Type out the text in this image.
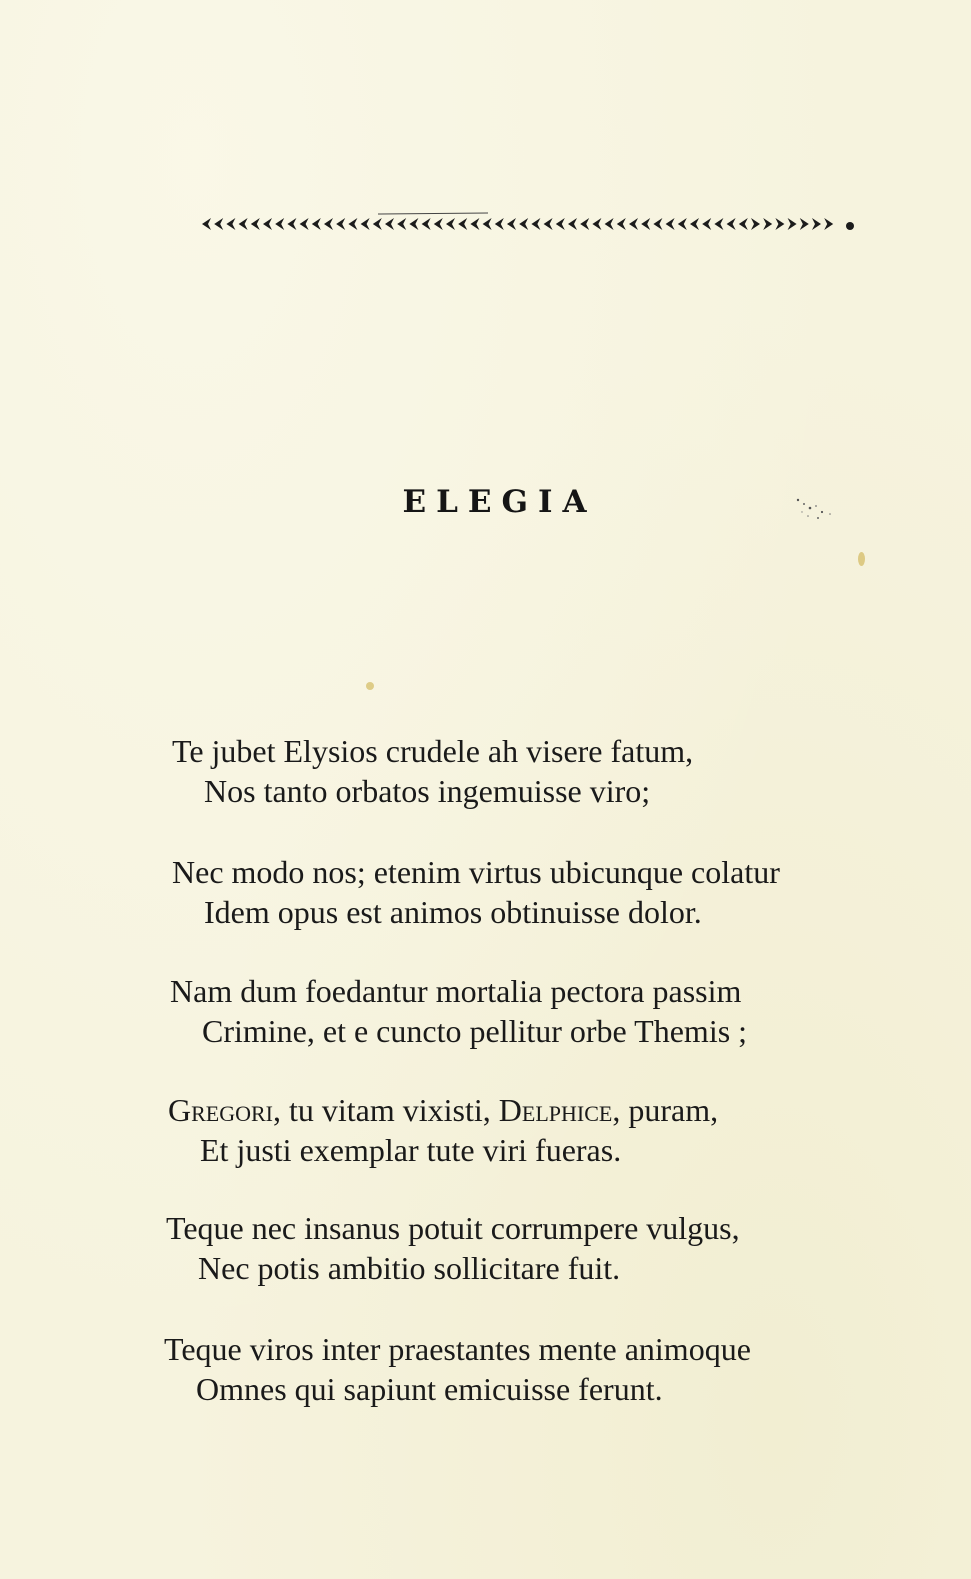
ELEGIA
Te jubet Elysios crudele ah visere fatum,
Nos tanto orbatos ingemuisse viro;
Nec modo nos; etenim virtus ubicunque colatur
Idem opus est animos obtinuisse dolor.
Nam dum foedantur mortalia pectora passim
Crimine, et e cuncto pellitur orbe Themis ;
Gregori, tu vitam vixisti, Delphice, puram,
Et justi exemplar tute viri fueras.
Teque nec insanus potuit corrumpere vulgus,
Nec potis ambitio sollicitare fuit.
Teque viros inter praestantes mente animoque
Omnes qui sapiunt emicuisse ferunt.
